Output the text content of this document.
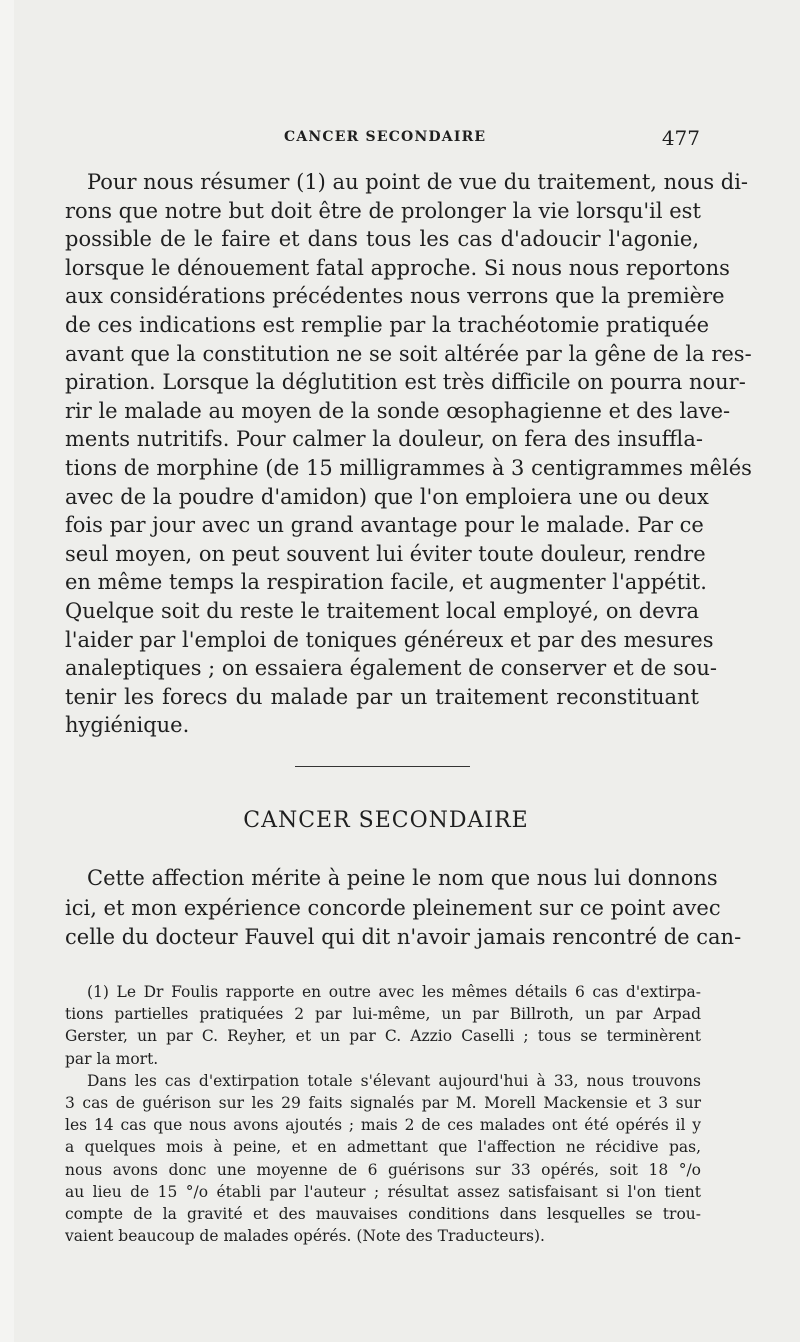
CANCER SECONDAIRE	477
Pour nous résumer (1) au point de vue du traitement, nous di-
rons que notre but doit être de prolonger la vie lorsqu'il est
possible de le faire et dans tous les cas d'adoucir l'agonie,
lorsque le dénouement fatal approche. Si nous nous reportons
aux considérations précédentes nous verrons que la première
de ces indications est remplie par la trachéotomie pratiquée
avant que la constitution ne se soit altérée par la gêne de la res-
piration. Lorsque la déglutition est très difficile on pourra nour-
rir le malade au moyen de la sonde œsophagienne et des lave-
ments nutritifs. Pour calmer la douleur, on fera des insuffla-
tions de morphine (de 15 milligrammes à 3 centigrammes mêlés
avec de la poudre d'amidon) que l'on emploiera une ou deux
fois par jour avec un grand avantage pour le malade. Par ce
seul moyen, on peut souvent lui éviter toute douleur, rendre
en même temps la respiration facile, et augmenter l'appétit.
Quelque soit du reste le traitement local employé, on devra
l'aider par l'emploi de toniques généreux et par des mesures
analeptiques ; on essaiera également de conserver et de sou-
tenir les forecs du malade par un traitement reconstituant
hygiénique.
CANCER SECONDAIRE
Cette affection mérite à peine le nom que nous lui donnons
ici, et mon expérience concorde pleinement sur ce point avec
celle du docteur Fauvel qui dit n'avoir jamais rencontré de can-
(1) Le Dr Foulis rapporte en outre avec les mêmes détails 6 cas d'extirpa-
tions partielles pratiquées 2 par lui-même, un par Billroth, un par Arpad
Gerster, un par C. Reyher, et un par C. Azzio Caselli ; tous se terminèrent
par la mort.
Dans les cas d'extirpation totale s'élevant aujourd'hui à 33, nous trouvons
3 cas de guérison sur les 29 faits signalés par M. Morell Mackensie et 3 sur
les 14 cas que nous avons ajoutés ; mais 2 de ces malades ont été opérés il y
a quelques mois à peine, et en admettant que l'affection ne récidive pas,
nous avons donc une moyenne de 6 guérisons sur 33 opérés, soit 18 °/o
au lieu de 15 °/o établi par l'auteur ; résultat assez satisfaisant si l'on tient
compte de la gravité et des mauvaises conditions dans lesquelles se trou-
vaient beaucoup de malades opérés. (Note des Traducteurs).
